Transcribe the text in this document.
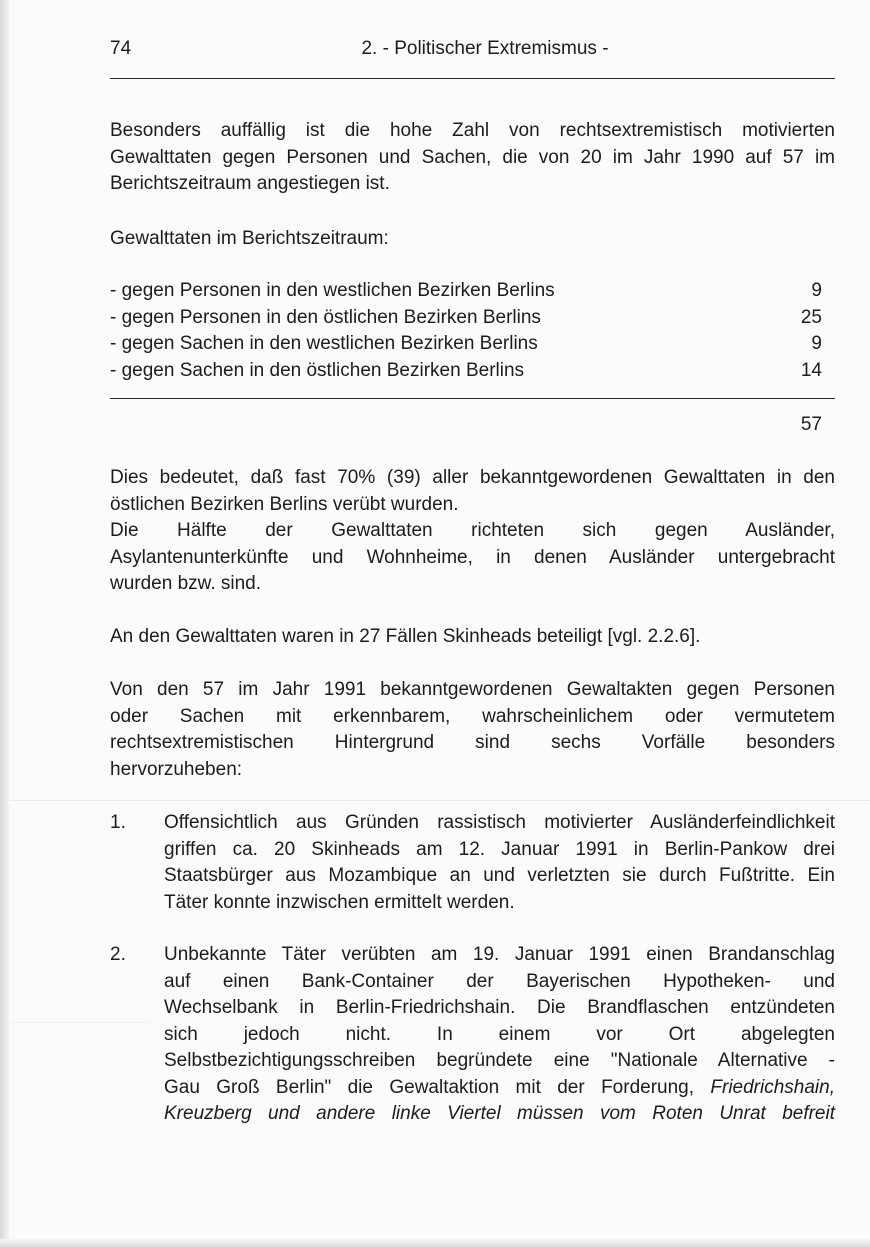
74	2. - Politischer Extremismus -

Besonders auffällig ist die hohe Zahl von rechtsextremistisch motivierten
Gewalttaten gegen Personen und Sachen, die von 20 im Jahr 1990 auf 57 im
Berichtszeitraum angestiegen ist.

Gewalttaten im Berichtszeitraum:

- gegen Personen in den westlichen Bezirken Berlins	9
- gegen Personen in den östlichen Bezirken Berlins	25
- gegen Sachen in den westlichen Bezirken Berlins	9
- gegen Sachen in den östlichen Bezirken Berlins	14
57

Dies bedeutet, daß fast 70% (39) aller bekanntgewordenen Gewalttaten in den
östlichen Bezirken Berlins verübt wurden.

Die Hälfte der Gewalttaten richteten sich gegen Ausländer,
Asylantenunterkünfte und Wohnheime, in denen Ausländer untergebracht
wurden bzw. sind.

An den Gewalttaten waren in 27 Fällen Skinheads beteiligt [vgl. 2.2.6].

Von den 57 im Jahr 1991 bekanntgewordenen Gewaltakten gegen Personen
oder Sachen mit erkennbarem, wahrscheinlichem oder vermutetem
rechtsextremistischen Hintergrund sind sechs Vorfälle besonders
hervorzuheben:

1. Offensichtlich aus Gründen rassistisch motivierter Ausländerfeindlichkeit
griffen ca. 20 Skinheads am 12. Januar 1991 in Berlin-Pankow drei
Staatsbürger aus Mozambique an und verletzten sie durch Fußtritte. Ein
Täter konnte inzwischen ermittelt werden.
2. Unbekannte Täter verübten am 19. Januar 1991 einen Brandanschlag
auf einen Bank-Container der Bayerischen Hypotheken- und
Wechselbank in Berlin-Friedrichshain. Die Brandflaschen entzündeten
sich jedoch nicht. In einem vor Ort abgelegten
Selbstbezichtigungsschreiben begründete eine "Nationale Alternative -
Gau Groß Berlin" die Gewaltaktion mit der Forderung, Friedrichshain,
Kreuzberg und andere linke Viertel müssen vom Roten Unrat befreit
